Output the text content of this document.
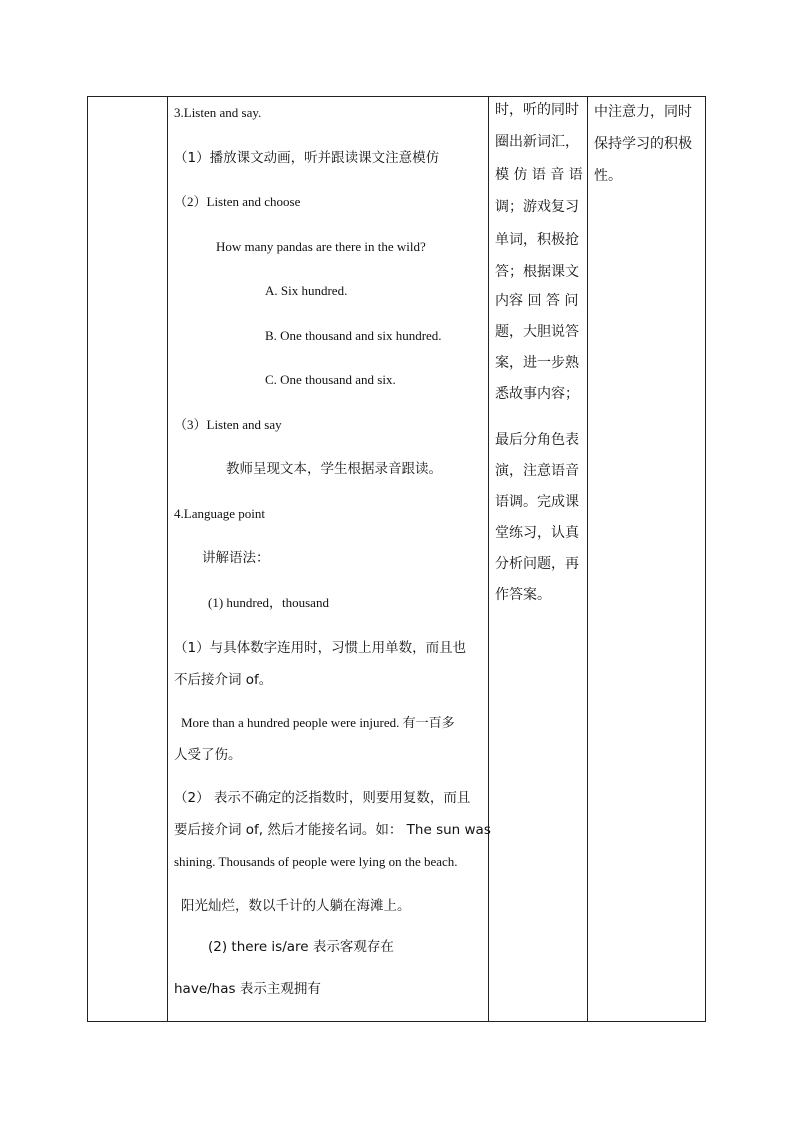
3.Listen and say.
（1）播放课文动画，听并跟读课文注意模仿
（2）Listen and choose
How many pandas are there in the wild?
A. Six hundred.
B. One thousand and six hundred.
C. One thousand and six.
（3）Listen and say
教师呈现文本，学生根据录音跟读。
4.Language point
讲解语法：
(1) hundred，thousand
（1）与具体数字连用时，习惯上用单数，而且也
不后接介词 of。
More than a hundred people were injured. 有一百多
人受了伤。
（2） 表示不确定的泛指数时，则要用复数，而且
要后接介词 of, 然后才能接名词。如： The sun was
shining. Thousands of people were lying on the beach.
阳光灿烂，数以千计的人躺在海滩上。
(2) there is/are 表示客观存在
have/has 表示主观拥有
时，听的同时
圈出新词汇，
模 仿 语 音 语
调；游戏复习
单词，积极抢
答；根据课文
内容 回 答 问
题，大胆说答
案，进一步熟
悉故事内容；
最后分角色表
演，注意语音
语调。完成课
堂练习，认真
分析问题，再
作答案。
中注意力，同时
保持学习的积极
性。
